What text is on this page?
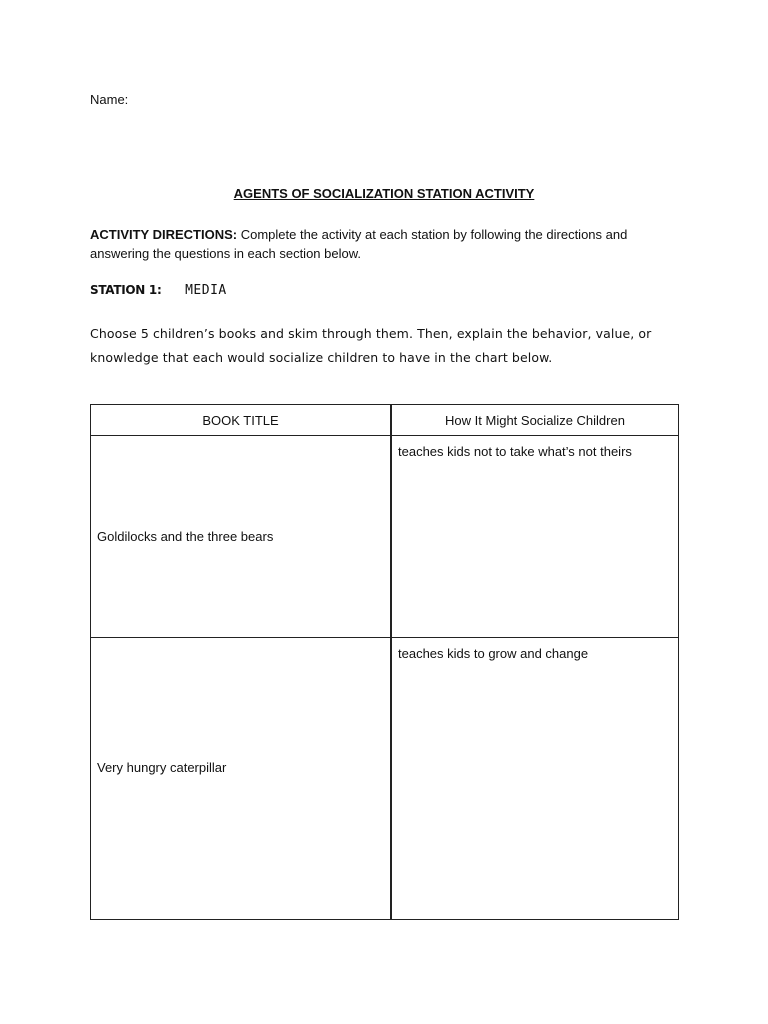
Name:
AGENTS OF SOCIALIZATION STATION ACTIVITY
ACTIVITY DIRECTIONS: Complete the activity at each station by following the directions and answering the questions in each section below.
STATION 1: MEDIA
Choose 5 children’s books and skim through them. Then, explain the behavior, value, or knowledge that each would socialize children to have in the chart below.
BOOK TITLE	How It Might Socialize Children
Goldilocks and the three bears	teaches kids not to take what’s not theirs
Very hungry caterpillar	teaches kids to grow and change
